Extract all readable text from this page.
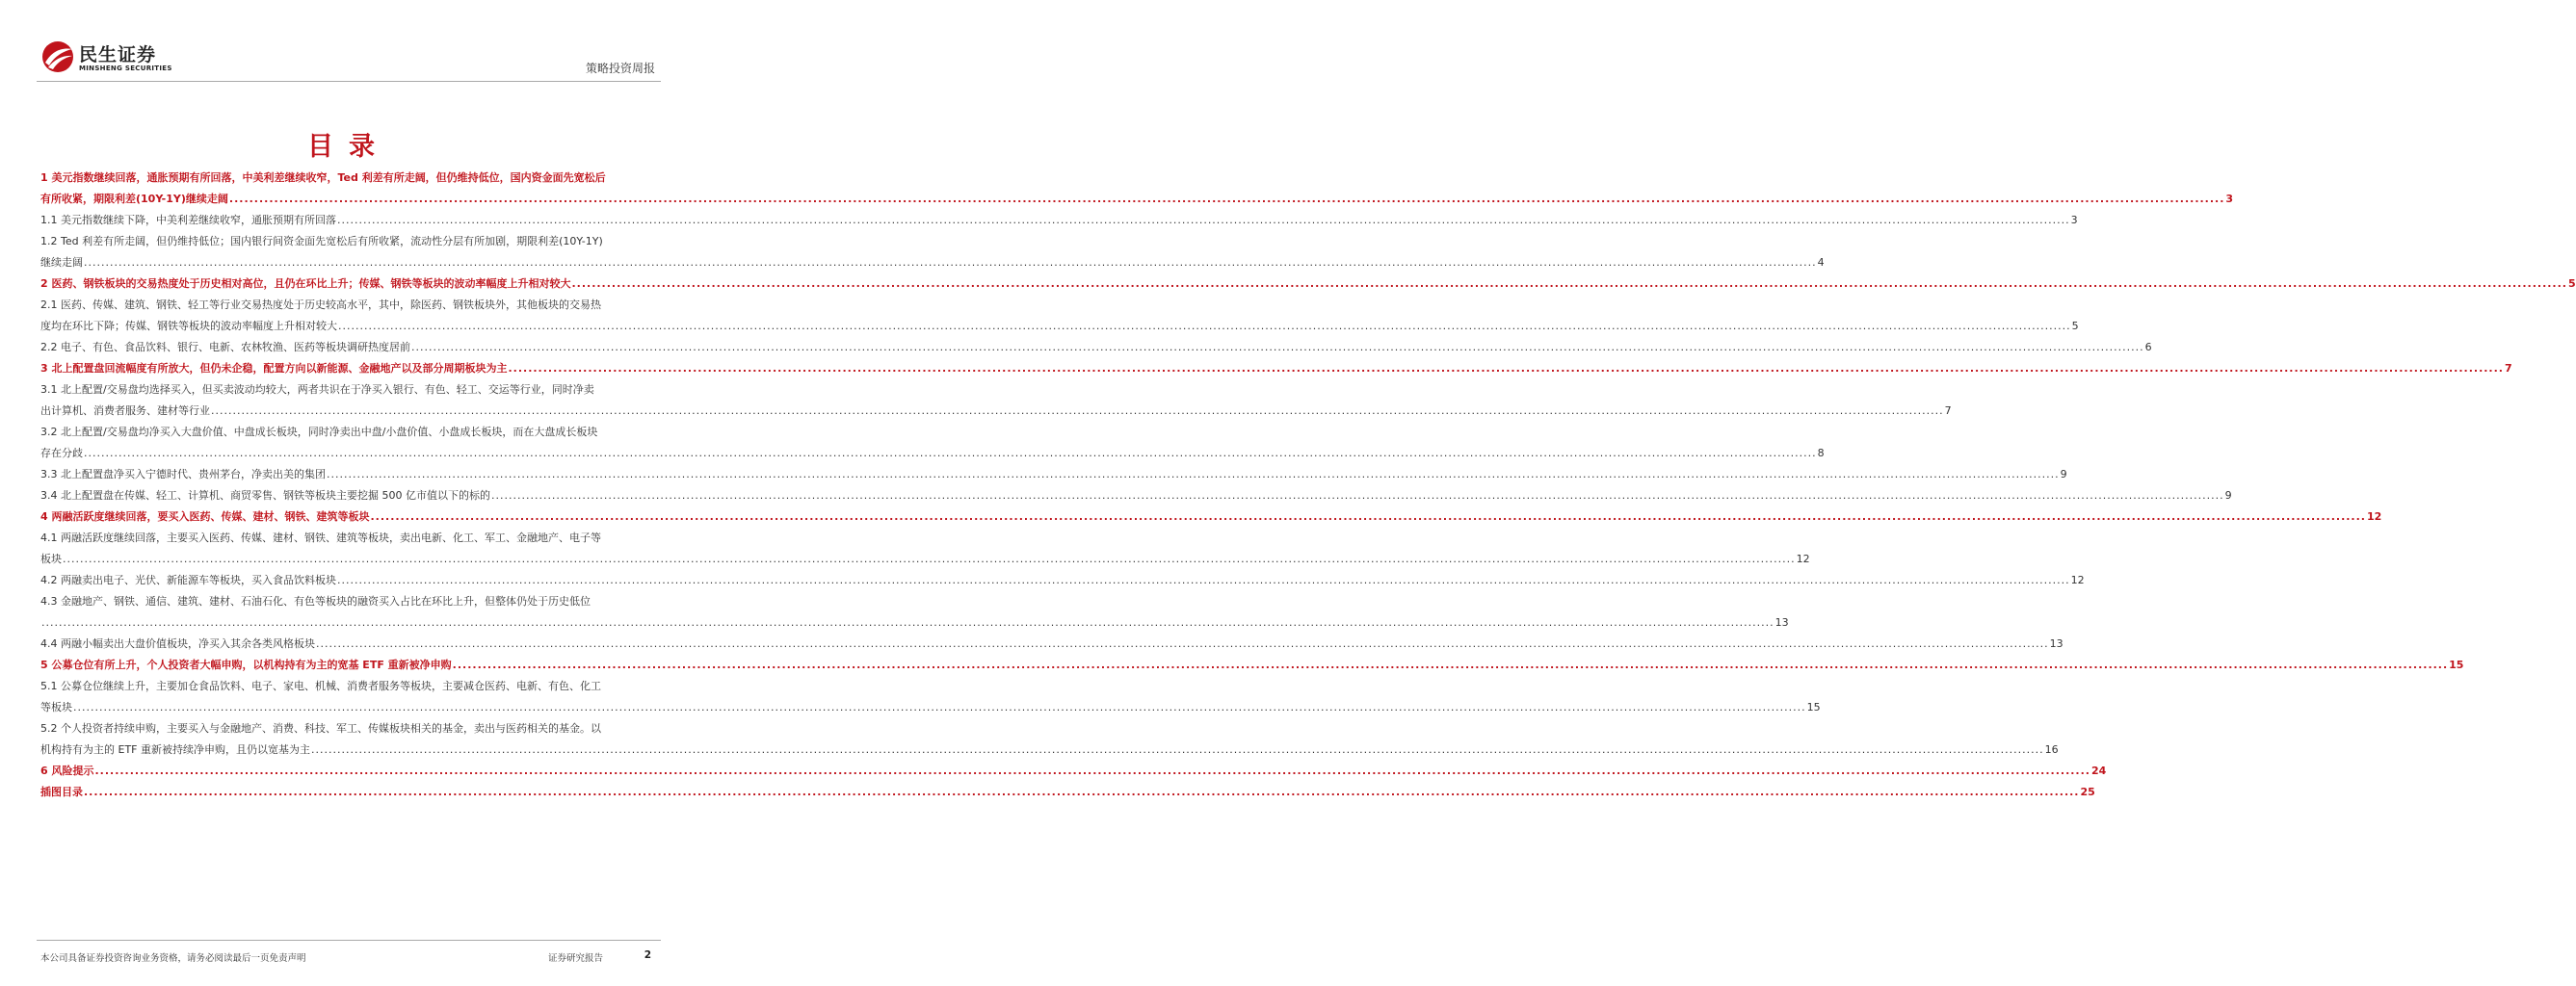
民生证券
MINSHENG SECURITIES	策略投资周报
目录
1 美元指数继续回落，通胀预期有所回落，中美利差继续收窄，Ted 利差有所走阔，但仍维持低位，国内资金面先宽松后
有所收紧，期限利差(10Y-1Y)继续走阔 ................................................................................................................................................................................................................................................................................................................................................................................................................ 3
1.1 美元指数继续下降，中美利差继续收窄，通胀预期有所回落 ................................................................................................................................................................................................................................................................................................................................................................................................................ 3
1.2 Ted 利差有所走阔，但仍维持低位；国内银行间资金面先宽松后有所收紧，流动性分层有所加剧，期限利差(10Y-1Y)
继续走阔 ................................................................................................................................................................................................................................................................................................................................................................................................................ 4
2 医药、钢铁板块的交易热度处于历史相对高位，且仍在环比上升；传媒、钢铁等板块的波动率幅度上升相对较大 ................................................................................................................................................................................................................................................................................................................................................................................................................ 5
2.1 医药、传媒、建筑、钢铁、轻工等行业交易热度处于历史较高水平，其中，除医药、钢铁板块外，其他板块的交易热
度均在环比下降；传媒、钢铁等板块的波动率幅度上升相对较大 ................................................................................................................................................................................................................................................................................................................................................................................................................ 5
2.2 电子、有色、食品饮料、银行、电新、农林牧渔、医药等板块调研热度居前 ................................................................................................................................................................................................................................................................................................................................................................................................................ 6
3 北上配置盘回流幅度有所放大，但仍未企稳，配置方向以新能源、金融地产以及部分周期板块为主 ................................................................................................................................................................................................................................................................................................................................................................................................................ 7
3.1 北上配置/交易盘均选择买入，但买卖波动均较大，两者共识在于净买入银行、有色、轻工、交运等行业，同时净卖
出计算机、消费者服务、建材等行业 ................................................................................................................................................................................................................................................................................................................................................................................................................ 7
3.2 北上配置/交易盘均净买入大盘价值、中盘成长板块，同时净卖出中盘/小盘价值、小盘成长板块，而在大盘成长板块
存在分歧 ................................................................................................................................................................................................................................................................................................................................................................................................................ 8
3.3 北上配置盘净买入宁德时代、贵州茅台，净卖出美的集团 ................................................................................................................................................................................................................................................................................................................................................................................................................ 9
3.4 北上配置盘在传媒、轻工、计算机、商贸零售、钢铁等板块主要挖掘 500 亿市值以下的标的 ................................................................................................................................................................................................................................................................................................................................................................................................................ 9
4 两融活跃度继续回落，要买入医药、传媒、建材、钢铁、建筑等板块 ................................................................................................................................................................................................................................................................................................................................................................................................................ 12
4.1 两融活跃度继续回落，主要买入医药、传媒、建材、钢铁、建筑等板块，卖出电新、化工、军工、金融地产、电子等
板块 ................................................................................................................................................................................................................................................................................................................................................................................................................ 12
4.2 两融卖出电子、光伏、新能源车等板块，买入食品饮料板块 ................................................................................................................................................................................................................................................................................................................................................................................................................ 12
4.3 金融地产、钢铁、通信、建筑、建材、石油石化、有色等板块的融资买入占比在环比上升，但整体仍处于历史低位
................................................................................................................................................................................................................................................................................................................................................................................................................ 13
4.4 两融小幅卖出大盘价值板块，净买入其余各类风格板块 ................................................................................................................................................................................................................................................................................................................................................................................................................ 13
5 公募仓位有所上升，个人投资者大幅申购，以机构持有为主的宽基 ETF 重新被净申购 ................................................................................................................................................................................................................................................................................................................................................................................................................ 15
5.1 公募仓位继续上升，主要加仓食品饮料、电子、家电、机械、消费者服务等板块，主要减仓医药、电新、有色、化工
等板块 ................................................................................................................................................................................................................................................................................................................................................................................................................ 15
5.2 个人投资者持续申购，主要买入与金融地产、消费、科技、军工、传媒板块相关的基金，卖出与医药相关的基金。以
机构持有为主的 ETF 重新被持续净申购，且仍以宽基为主 ................................................................................................................................................................................................................................................................................................................................................................................................................ 16
6 风险提示 ................................................................................................................................................................................................................................................................................................................................................................................................................ 24
插图目录 ................................................................................................................................................................................................................................................................................................................................................................................................................ 25
本公司具备证券投资咨询业务资格，请务必阅读最后一页免责声明	证券研究报告	2
